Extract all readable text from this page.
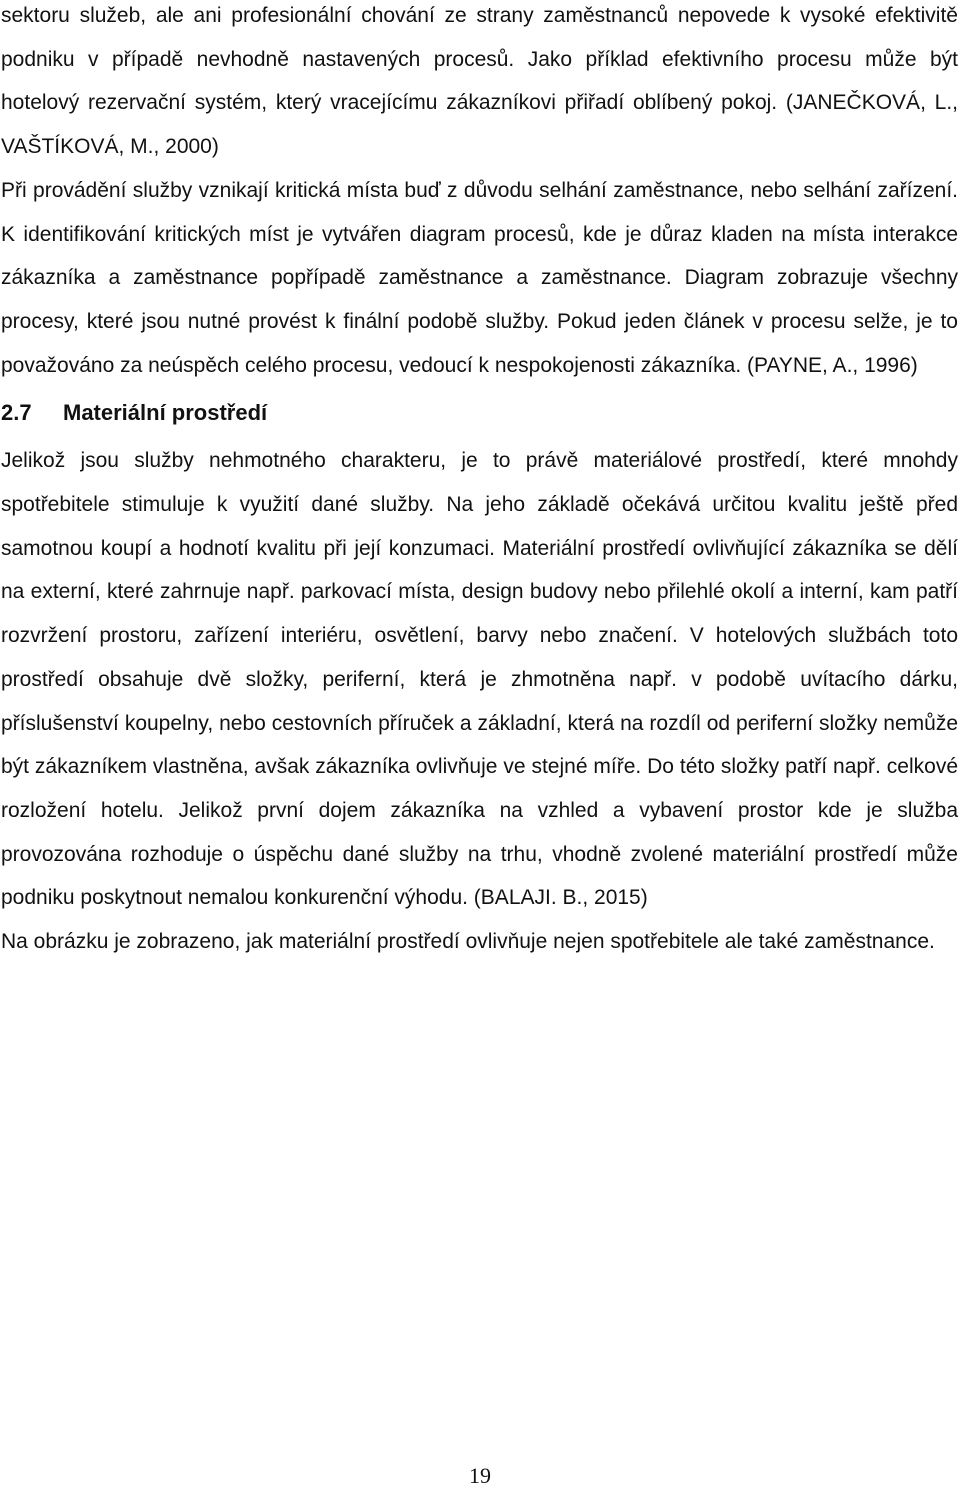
sektoru služeb, ale ani profesionální chování ze strany zaměstnanců nepovede k vysoké efektivitě podniku v případě nevhodně nastavených procesů. Jako příklad efektivního procesu může být hotelový rezervační systém, který vracejícímu zákazníkovi přiřadí oblíbený pokoj. (JANEČKOVÁ, L., VAŠTÍKOVÁ, M., 2000)

Při provádění služby vznikají kritická místa buď z důvodu selhání zaměstnance, nebo selhání zařízení. K identifikování kritických míst je vytvářen diagram procesů, kde je důraz kladen na místa interakce zákazníka a zaměstnance popřípadě zaměstnance a zaměstnance. Diagram zobrazuje všechny procesy, které jsou nutné provést k finální podobě služby. Pokud jeden článek v procesu selže, je to považováno za neúspěch celého procesu, vedoucí k nespokojenosti zákazníka. (PAYNE, A., 1996)

2.7 Materiální prostředí

Jelikož jsou služby nehmotného charakteru, je to právě materiálové prostředí, které mnohdy spotřebitele stimuluje k využití dané služby. Na jeho základě očekává určitou kvalitu ještě před samotnou koupí a hodnotí kvalitu při její konzumaci. Materiální prostředí ovlivňující zákazníka se dělí na externí, které zahrnuje např. parkovací místa, design budovy nebo přilehlé okolí a interní, kam patří rozvržení prostoru, zařízení interiéru, osvětlení, barvy nebo značení. V hotelových službách toto prostředí obsahuje dvě složky, periferní, která je zhmotněna např. v podobě uvítacího dárku, příslušenství koupelny, nebo cestovních příruček a základní, která na rozdíl od periferní složky nemůže být zákazníkem vlastněna, avšak zákazníka ovlivňuje ve stejné míře. Do této složky patří např. celkové rozložení hotelu. Jelikož první dojem zákazníka na vzhled a vybavení prostor kde je služba provozována rozhoduje o úspěchu dané služby na trhu, vhodně zvolené materiální prostředí může podniku poskytnout nemalou konkurenční výhodu. (BALAJI. B., 2015)

Na obrázku je zobrazeno, jak materiální prostředí ovlivňuje nejen spotřebitele ale také zaměstnance.

19
